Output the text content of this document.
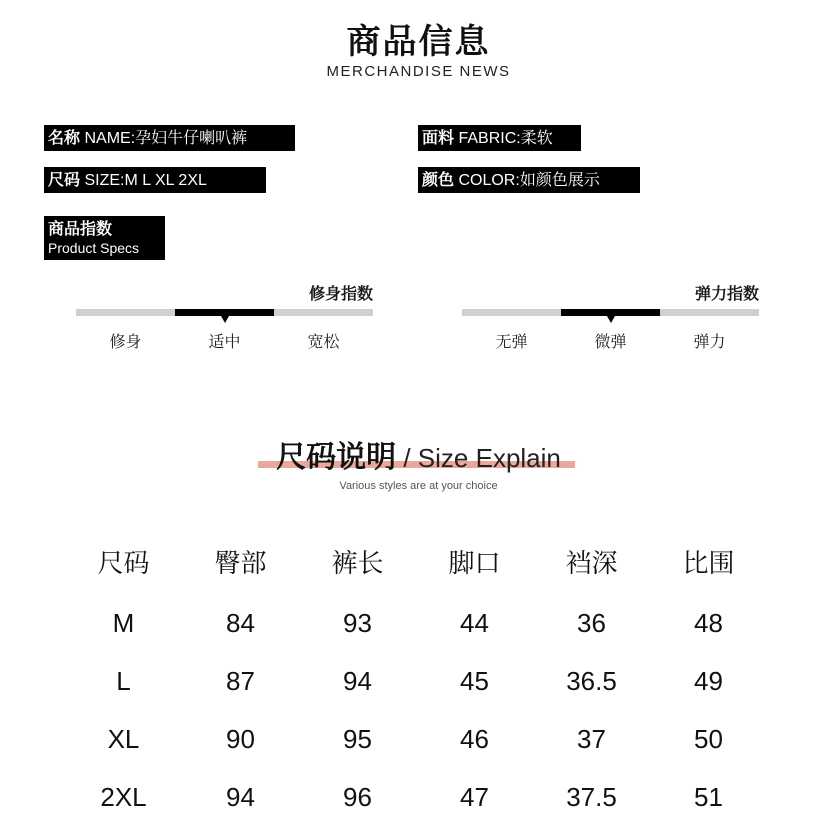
商品信息
MERCHANDISE NEWS
名称 NAME:孕妇牛仔喇叭裤
尺码 SIZE:M L XL 2XL
面料 FABRIC:柔软
颜色 COLOR:如颜色展示
商品指数
Product Specs
修身指数
修身	适中	宽松
弹力指数
无弹	微弹	弹力
尺码说明 / Size Explain
Various styles are at your choice
尺码	臀部	裤长	脚口	裆深	比围
M	84	93	44	36	48
L	87	94	45	36.5	49
XL	90	95	46	37	50
2XL	94	96	47	37.5	51
